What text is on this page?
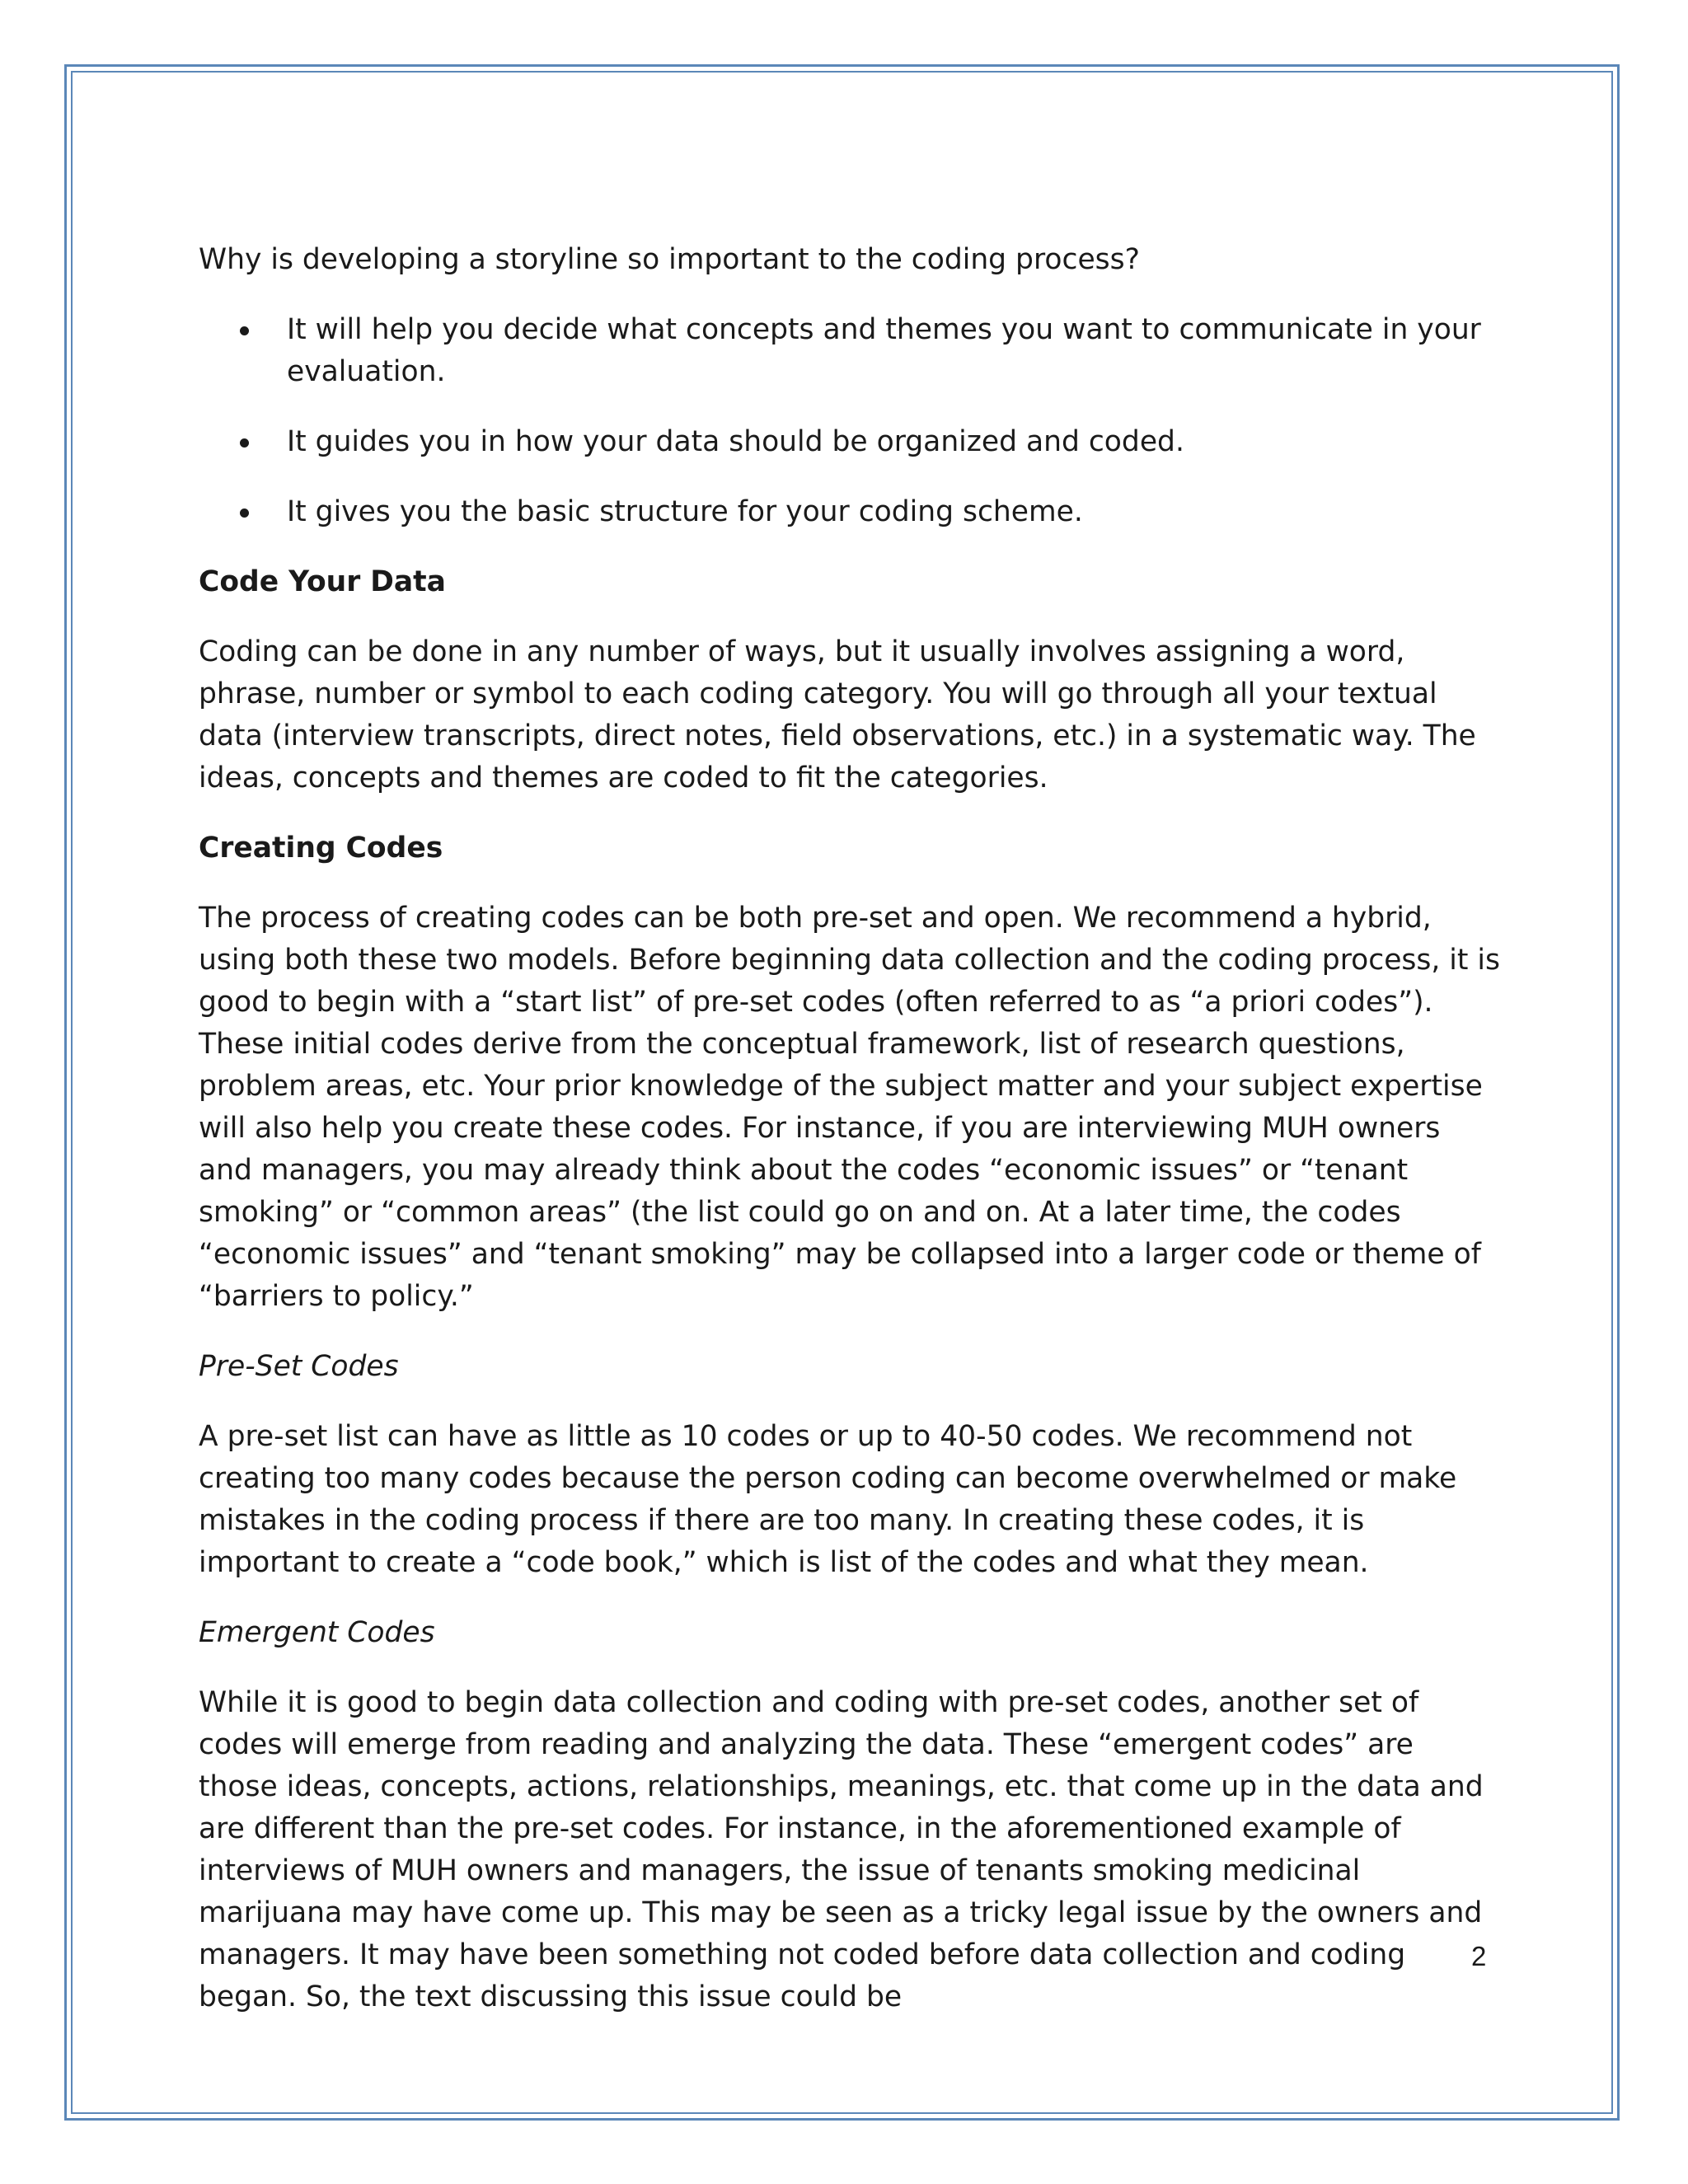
Why is developing a storyline so important to the coding process?

It will help you decide what concepts and themes you want to communicate in your evaluation.
It guides you in how your data should be organized and coded.
It gives you the basic structure for your coding scheme.
Code Your Data

Coding can be done in any number of ways, but it usually involves assigning a word, phrase, number or symbol to each coding category. You will go through all your textual data (interview transcripts, direct notes, field observations, etc.) in a systematic way. The ideas, concepts and themes are coded to fit the categories.

Creating Codes

The process of creating codes can be both pre-set and open. We recommend a hybrid, using both these two models. Before beginning data collection and the coding process, it is good to begin with a “start list” of pre-set codes (often referred to as “a priori codes”). These initial codes derive from the conceptual framework, list of research questions, problem areas, etc. Your prior knowledge of the subject matter and your subject expertise will also help you create these codes. For instance, if you are interviewing MUH owners and managers, you may already think about the codes “economic issues” or “tenant smoking” or “common areas” (the list could go on and on. At a later time, the codes “economic issues” and “tenant smoking” may be collapsed into a larger code or theme of “barriers to policy.”

Pre-Set Codes

A pre-set list can have as little as 10 codes or up to 40-50 codes. We recommend not creating too many codes because the person coding can become overwhelmed or make mistakes in the coding process if there are too many. In creating these codes, it is important to create a “code book,” which is list of the codes and what they mean.

Emergent Codes

While it is good to begin data collection and coding with pre-set codes, another set of codes will emerge from reading and analyzing the data. These “emergent codes” are those ideas, concepts, actions, relationships, meanings, etc. that come up in the data and are different than the pre-set codes. For instance, in the aforementioned example of interviews of MUH owners and managers, the issue of tenants smoking medicinal marijuana may have come up. This may be seen as a tricky legal issue by the owners and managers. It may have been something not coded before data collection and coding began. So, the text discussing this issue could be

2
